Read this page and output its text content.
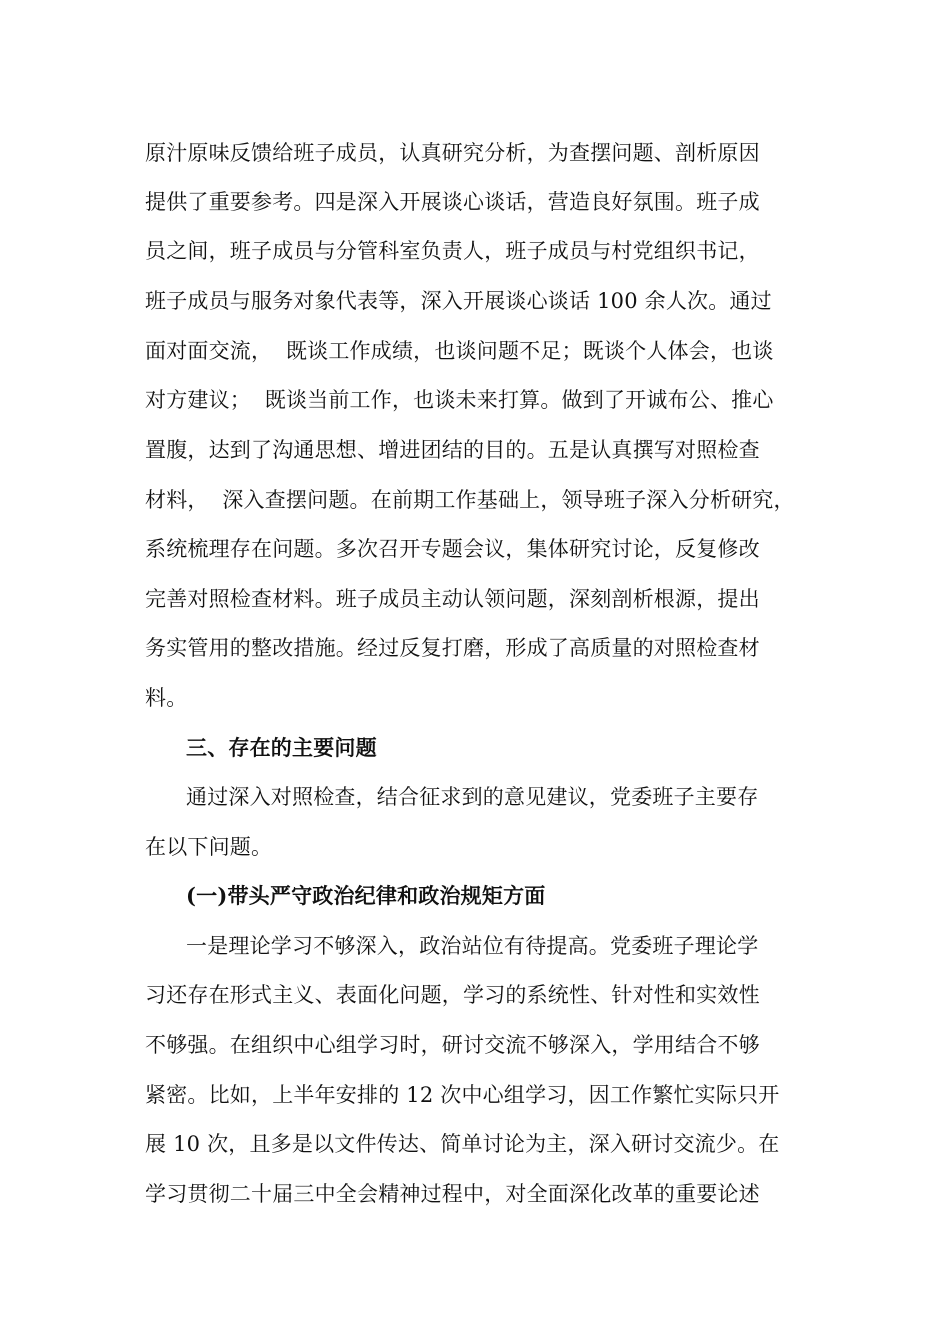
原汁原味反馈给班子成员，认真研究分析，为查摆问题、剖析原因
提供了重要参考。四是深入开展谈心谈话，营造良好氛围。班子成
员之间，班子成员与分管科室负责人，班子成员与村党组织书记，
班子成员与服务对象代表等，深入开展谈心谈话 100 余人次。通过
面对面交流，  既谈工作成绩，也谈问题不足；既谈个人体会，也谈
对方建议；  既谈当前工作，也谈未来打算。做到了开诚布公、推心
置腹，达到了沟通思想、增进团结的目的。五是认真撰写对照检查
材料，  深入查摆问题。在前期工作基础上，领导班子深入分析研究，
系统梳理存在问题。多次召开专题会议，集体研究讨论，反复修改
完善对照检查材料。班子成员主动认领问题，深刻剖析根源，提出
务实管用的整改措施。经过反复打磨，形成了高质量的对照检查材
料。
三、存在的主要问题
通过深入对照检查，结合征求到的意见建议，党委班子主要存
在以下问题。
(一)带头严守政治纪律和政治规矩方面
一是理论学习不够深入，政治站位有待提高。党委班子理论学
习还存在形式主义、表面化问题，学习的系统性、针对性和实效性
不够强。在组织中心组学习时，研讨交流不够深入，学用结合不够
紧密。比如，上半年安排的 12 次中心组学习，因工作繁忙实际只开
展 10 次，且多是以文件传达、简单讨论为主，深入研讨交流少。在
学习贯彻二十届三中全会精神过程中，对全面深化改革的重要论述
